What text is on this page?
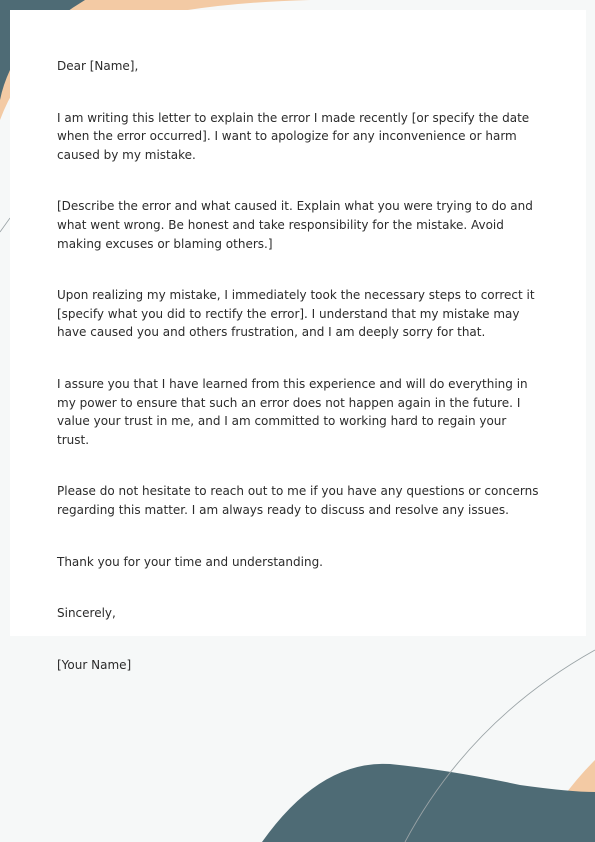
Dear [Name],

I am writing this letter to explain the error I made recently [or specify the date when the error occurred]. I want to apologize for any inconvenience or harm caused by my mistake.

[Describe the error and what caused it. Explain what you were trying to do and what went wrong. Be honest and take responsibility for the mistake. Avoid making excuses or blaming others.]

Upon realizing my mistake, I immediately took the necessary steps to correct it [specify what you did to rectify the error]. I understand that my mistake may have caused you and others frustration, and I am deeply sorry for that.

I assure you that I have learned from this experience and will do everything in my power to ensure that such an error does not happen again in the future. I value your trust in me, and I am committed to working hard to regain your trust.

Please do not hesitate to reach out to me if you have any questions or concerns regarding this matter. I am always ready to discuss and resolve any issues.

Thank you for your time and understanding.

Sincerely,

[Your Name]
